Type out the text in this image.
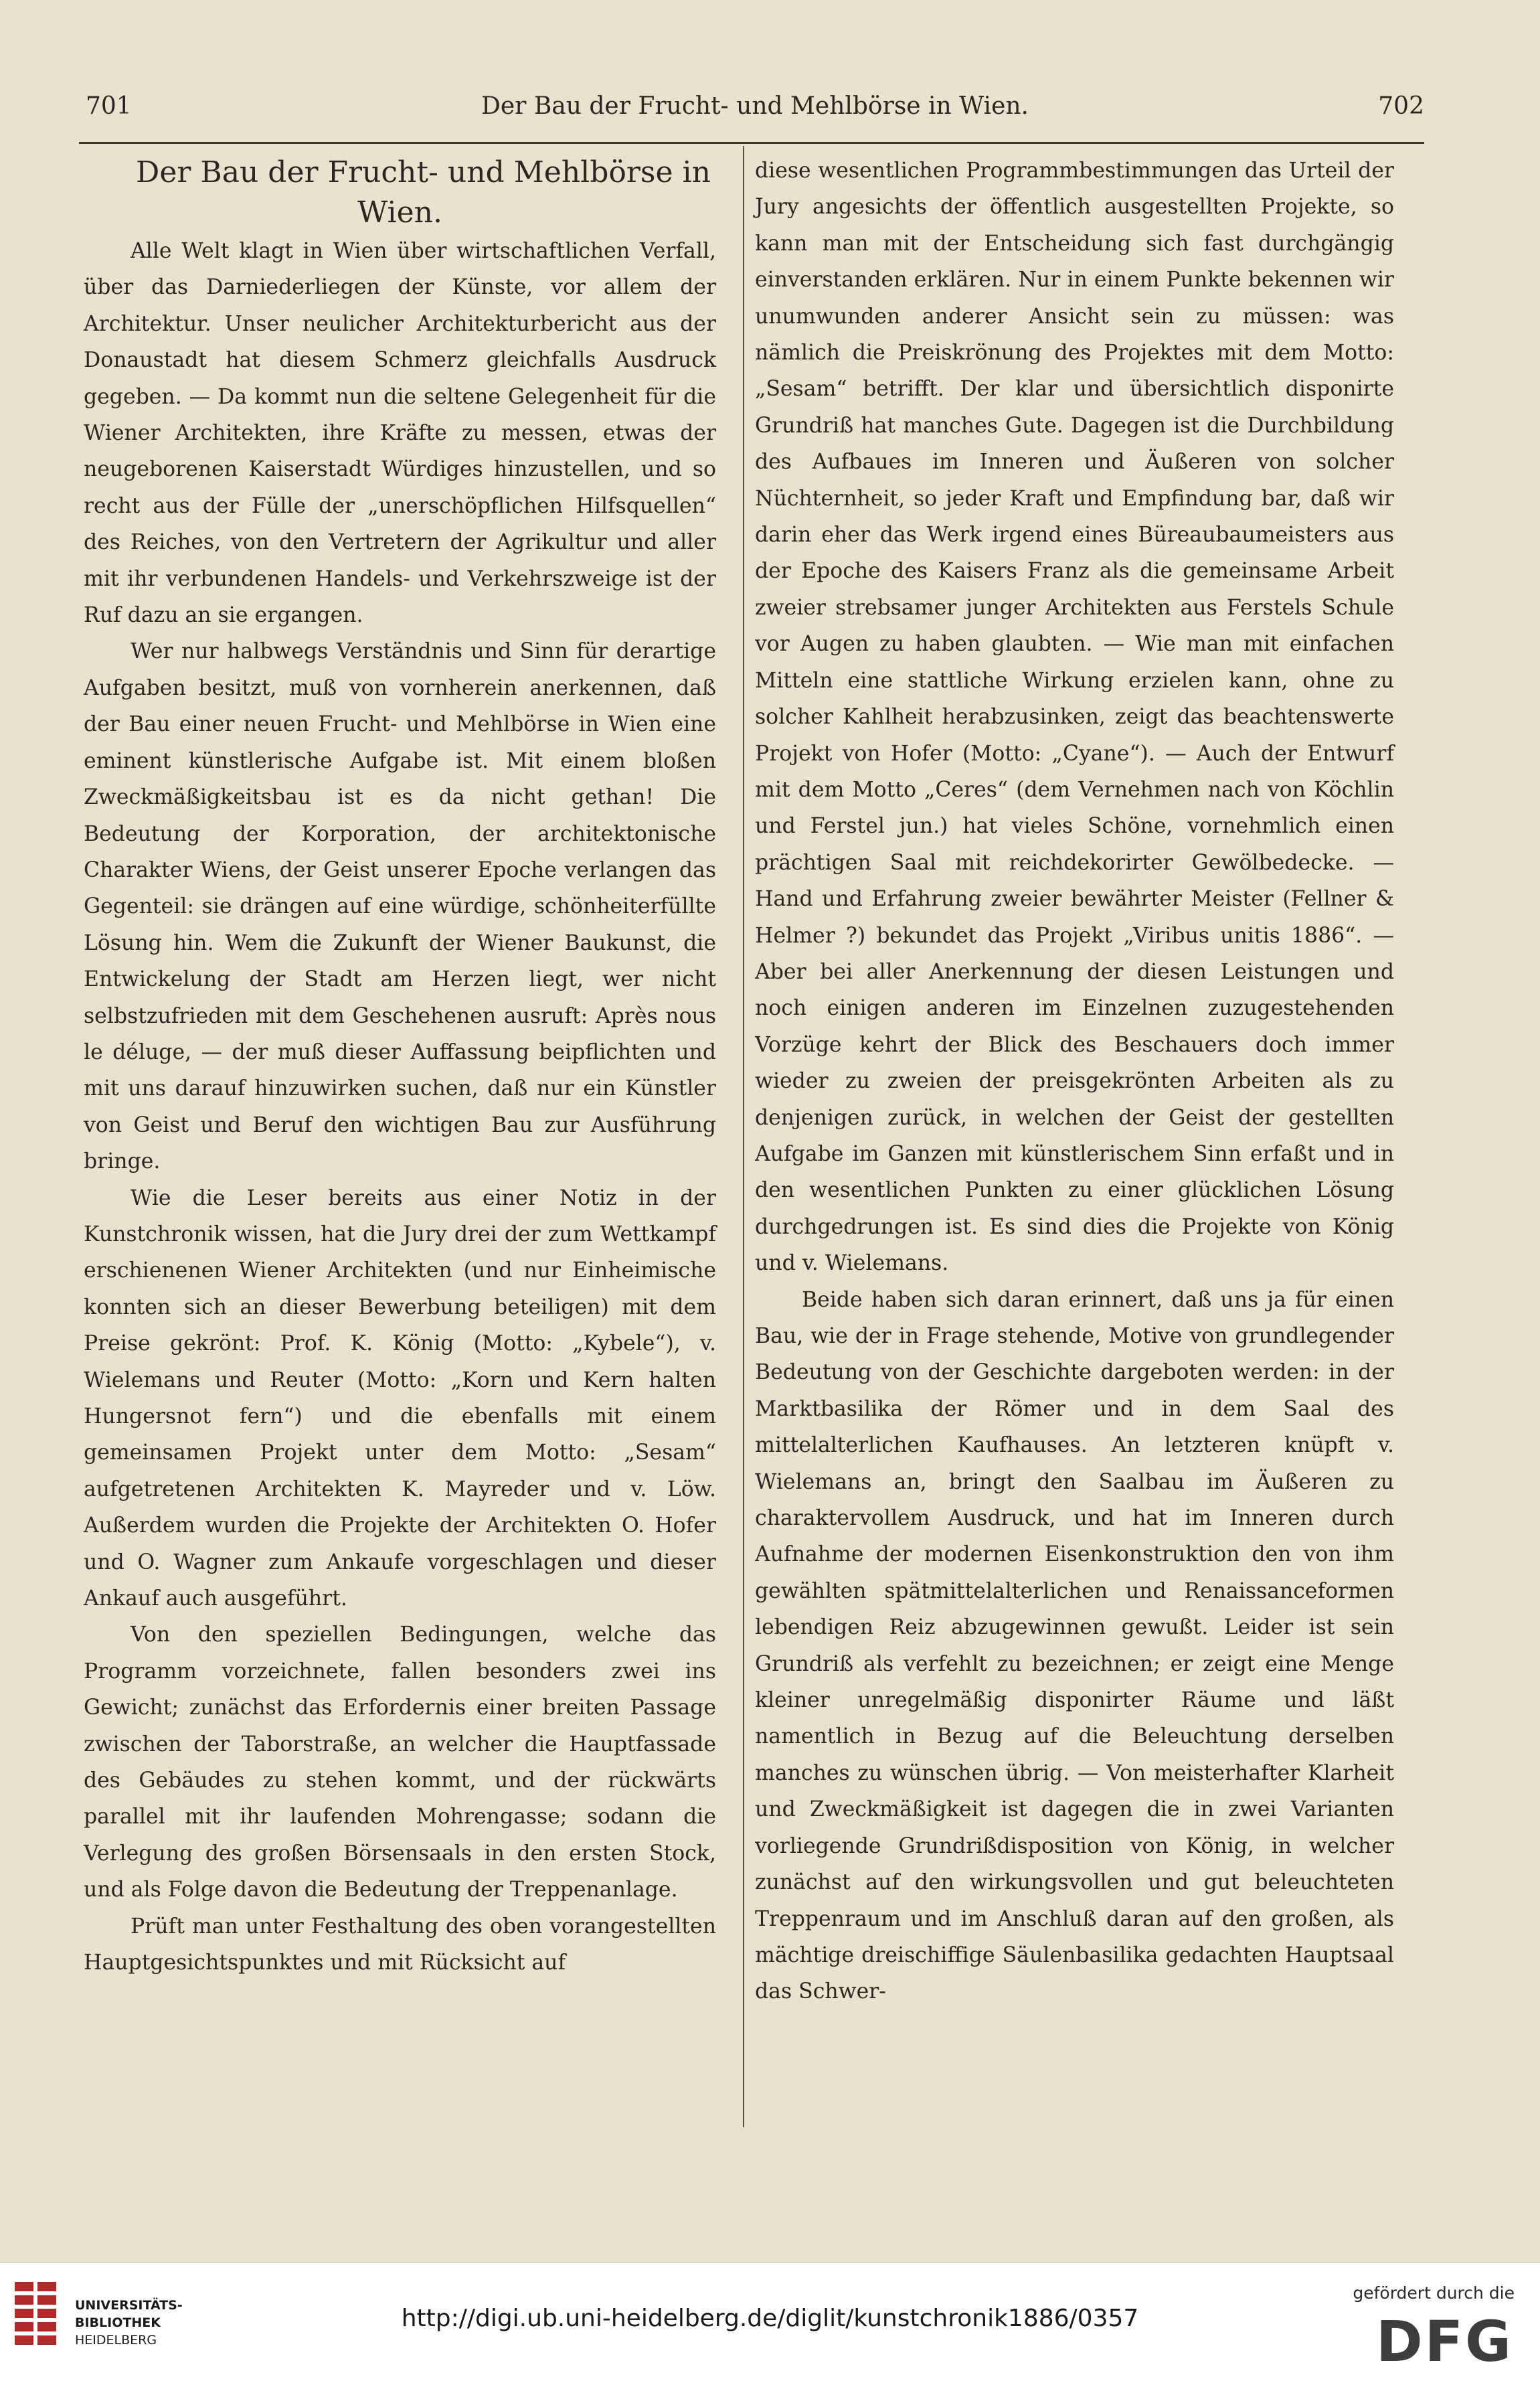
701	Der Bau der Frucht- und Mehlbörse in Wien.	702

Der Bau der Frucht- und Mehlbörse in Wien.

Alle Welt klagt in Wien über wirtschaftlichen Verfall, über das Darniederliegen der Künste, vor allem der Architektur. Unser neulicher Architekturbericht aus der Donaustadt hat diesem Schmerz gleichfalls Ausdruck gegeben. — Da kommt nun die seltene Gelegenheit für die Wiener Architekten, ihre Kräfte zu messen, etwas der neugeborenen Kaiserstadt Würdiges hinzustellen, und so recht aus der Fülle der „unerschöpflichen Hilfsquellen“ des Reiches, von den Vertretern der Agrikultur und aller mit ihr verbundenen Handels- und Verkehrszweige ist der Ruf dazu an sie ergangen.

Wer nur halbwegs Verständnis und Sinn für derartige Aufgaben besitzt, muß von vornherein anerkennen, daß der Bau einer neuen Frucht- und Mehlbörse in Wien eine eminent künstlerische Aufgabe ist. Mit einem bloßen Zweckmäßigkeitsbau ist es da nicht gethan! Die Bedeutung der Korporation, der architektonische Charakter Wiens, der Geist unserer Epoche verlangen das Gegenteil: sie drängen auf eine würdige, schönheiterfüllte Lösung hin. Wem die Zukunft der Wiener Baukunst, die Entwickelung der Stadt am Herzen liegt, wer nicht selbstzufrieden mit dem Geschehenen ausruft: Après nous le déluge, — der muß dieser Auffassung beipflichten und mit uns darauf hinzuwirken suchen, daß nur ein Künstler von Geist und Beruf den wichtigen Bau zur Ausführung bringe.

Wie die Leser bereits aus einer Notiz in der Kunstchronik wissen, hat die Jury drei der zum Wettkampf erschienenen Wiener Architekten (und nur Einheimische konnten sich an dieser Bewerbung beteiligen) mit dem Preise gekrönt: Prof. K. König (Motto: „Kybele“), v. Wielemans und Reuter (Motto: „Korn und Kern halten Hungersnot fern“) und die ebenfalls mit einem gemeinsamen Projekt unter dem Motto: „Sesam“ aufgetretenen Architekten K. Mayreder und v. Löw. Außerdem wurden die Projekte der Architekten O. Hofer und O. Wagner zum Ankaufe vorgeschlagen und dieser Ankauf auch ausgeführt.

Von den speziellen Bedingungen, welche das Programm vorzeichnete, fallen besonders zwei ins Gewicht; zunächst das Erfordernis einer breiten Passage zwischen der Taborstraße, an welcher die Hauptfassade des Gebäudes zu stehen kommt, und der rückwärts parallel mit ihr laufenden Mohrengasse; sodann die Verlegung des großen Börsensaals in den ersten Stock, und als Folge davon die Bedeutung der Treppenanlage.

Prüft man unter Festhaltung des oben vorangestellten Hauptgesichtspunktes und mit Rücksicht auf

diese wesentlichen Programmbestimmungen das Urteil der Jury angesichts der öffentlich ausgestellten Projekte, so kann man mit der Entscheidung sich fast durchgängig einverstanden erklären. Nur in einem Punkte bekennen wir unumwunden anderer Ansicht sein zu müssen: was nämlich die Preiskrönung des Projektes mit dem Motto: „Sesam“ betrifft. Der klar und übersichtlich disponirte Grundriß hat manches Gute. Dagegen ist die Durchbildung des Aufbaues im Inneren und Äußeren von solcher Nüchternheit, so jeder Kraft und Empfindung bar, daß wir darin eher das Werk irgend eines Büreaubaumeisters aus der Epoche des Kaisers Franz als die gemeinsame Arbeit zweier strebsamer junger Architekten aus Ferstels Schule vor Augen zu haben glaubten. — Wie man mit einfachen Mitteln eine stattliche Wirkung erzielen kann, ohne zu solcher Kahlheit herabzusinken, zeigt das beachtenswerte Projekt von Hofer (Motto: „Cyane“). — Auch der Entwurf mit dem Motto „Ceres“ (dem Vernehmen nach von Köchlin und Ferstel jun.) hat vieles Schöne, vornehmlich einen prächtigen Saal mit reichdekorirter Gewölbedecke. — Hand und Erfahrung zweier bewährter Meister (Fellner & Helmer ?) bekundet das Projekt „Viribus unitis 1886“. — Aber bei aller Anerkennung der diesen Leistungen und noch einigen anderen im Einzelnen zuzugestehenden Vorzüge kehrt der Blick des Beschauers doch immer wieder zu zweien der preisgekrönten Arbeiten als zu denjenigen zurück, in welchen der Geist der gestellten Aufgabe im Ganzen mit künstlerischem Sinn erfaßt und in den wesentlichen Punkten zu einer glücklichen Lösung durchgedrungen ist. Es sind dies die Projekte von König und v. Wielemans.

Beide haben sich daran erinnert, daß uns ja für einen Bau, wie der in Frage stehende, Motive von grundlegender Bedeutung von der Geschichte dargeboten werden: in der Marktbasilika der Römer und in dem Saal des mittelalterlichen Kaufhauses. An letzteren knüpft v. Wielemans an, bringt den Saalbau im Äußeren zu charaktervollem Ausdruck, und hat im Inneren durch Aufnahme der modernen Eisenkonstruktion den von ihm gewählten spätmittelalterlichen und Renaissanceformen lebendigen Reiz abzugewinnen gewußt. Leider ist sein Grundriß als verfehlt zu bezeichnen; er zeigt eine Menge kleiner unregelmäßig disponirter Räume und läßt namentlich in Bezug auf die Beleuchtung derselben manches zu wünschen übrig. — Von meisterhafter Klarheit und Zweckmäßigkeit ist dagegen die in zwei Varianten vorliegende Grundrißdisposition von König, in welcher zunächst auf den wirkungsvollen und gut beleuchteten Treppenraum und im Anschluß daran auf den großen, als mächtige dreischiffige Säulenbasilika gedachten Hauptsaal das Schwer-

UNIVERSITÄTS-
BIBLIOTHEK
HEIDELBERG
http://digi.ub.uni-heidelberg.de/diglit/kunstchronik1886/0357
gefördert durch die
DFG
